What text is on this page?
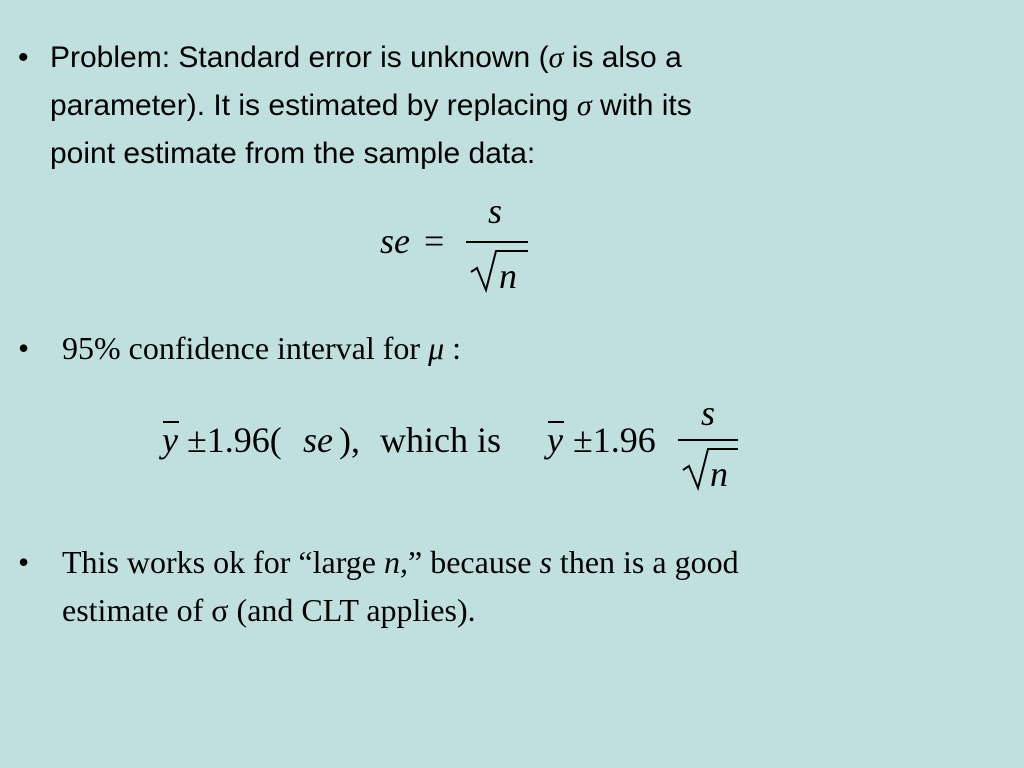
• Problem: Standard error is unknown (σ is also a
parameter). It is estimated by replacing σ with its
point estimate from the sample data:
se =
s
n
• 95% confidence interval for μ :
y ±1.96( se ), which is y ±1.96
s
n
• This works ok for “large n,” because s then is a good
estimate of σ (and CLT applies).
